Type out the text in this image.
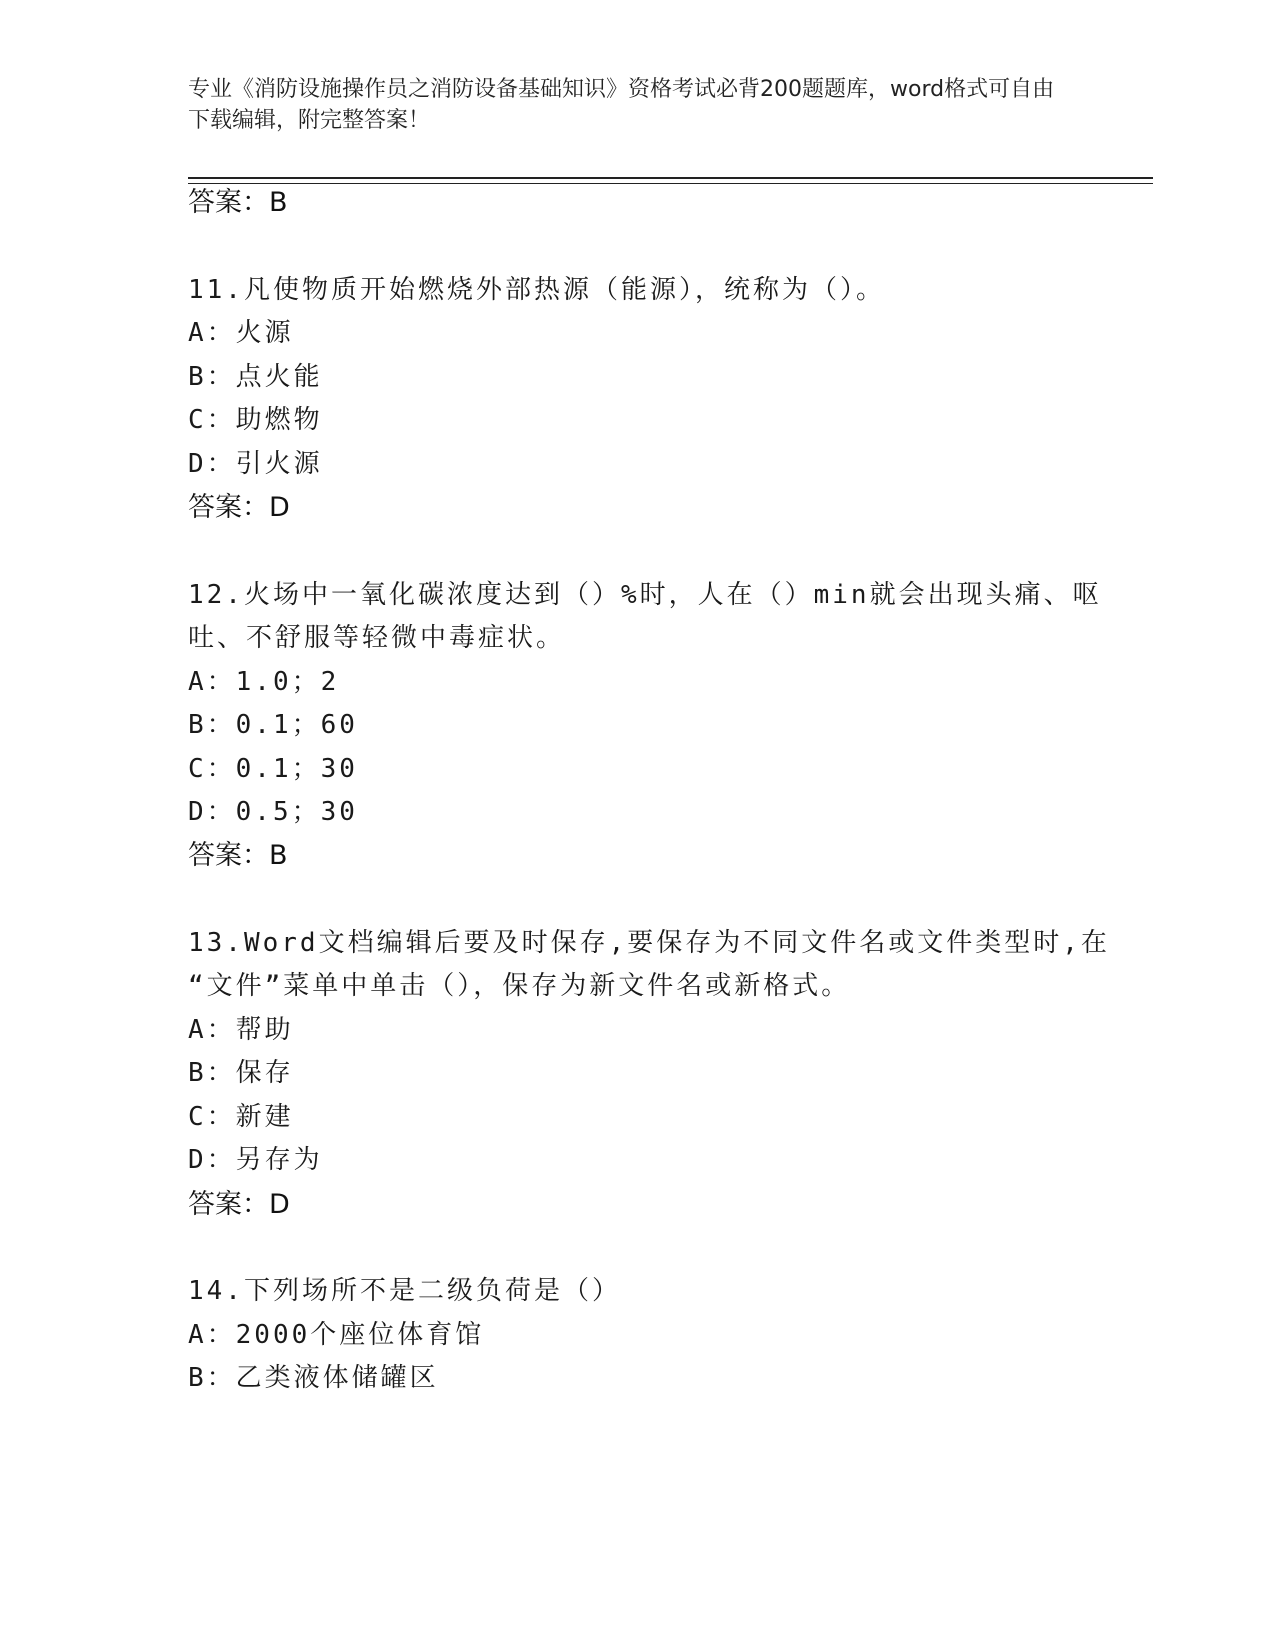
专业《消防设施操作员之消防设备基础知识》资格考试必背200题题库，word格式可自由下载编辑，附完整答案！
答案：B
11.凡使物质开始燃烧外部热源（能源），统称为（）。
A：火源
B：点火能
C：助燃物
D：引火源
答案：D
12.火场中一氧化碳浓度达到（）%时，人在（）min就会出现头痛、呕
吐、不舒服等轻微中毒症状。
A：1.0；2
B：0.1；60
C：0.1；30
D：0.5；30
答案：B
13.Word文档编辑后要及时保存,要保存为不同文件名或文件类型时,在
“文件”菜单中单击（），保存为新文件名或新格式。
A：帮助
B：保存
C：新建
D：另存为
答案：D
14.下列场所不是二级负荷是（）
A：2000个座位体育馆
B：乙类液体储罐区
